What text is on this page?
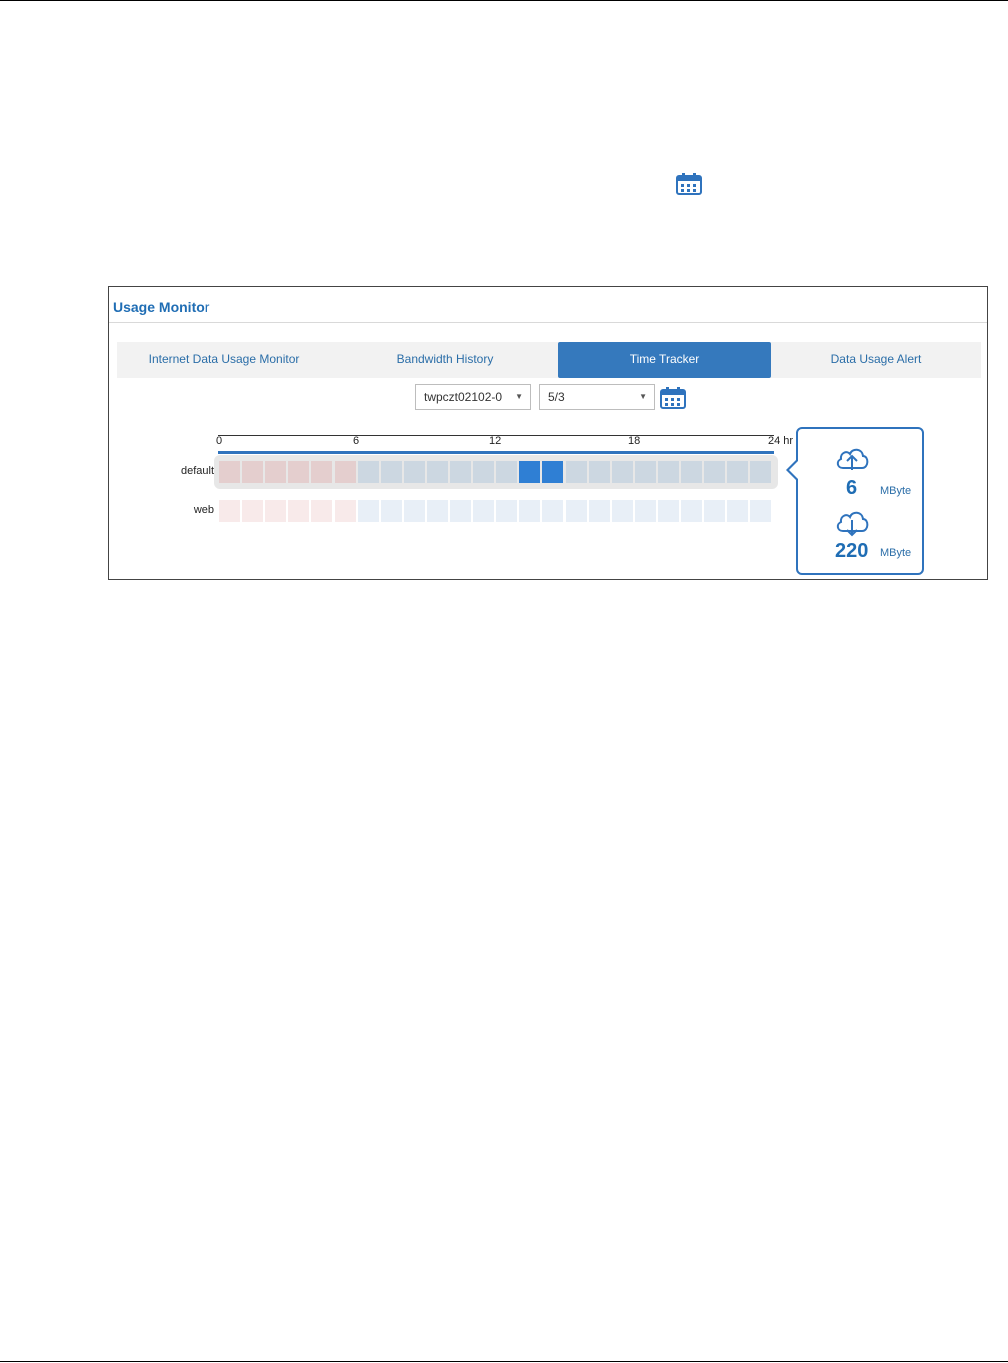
Usage Monitor
Internet Data Usage Monitor	Bandwidth History	Time Tracker	Data Usage Alert
twpczt02102-0 ▼	5/3	▼
0	6	12	18	24 hr
default
web
6 MByte
220 MByte
